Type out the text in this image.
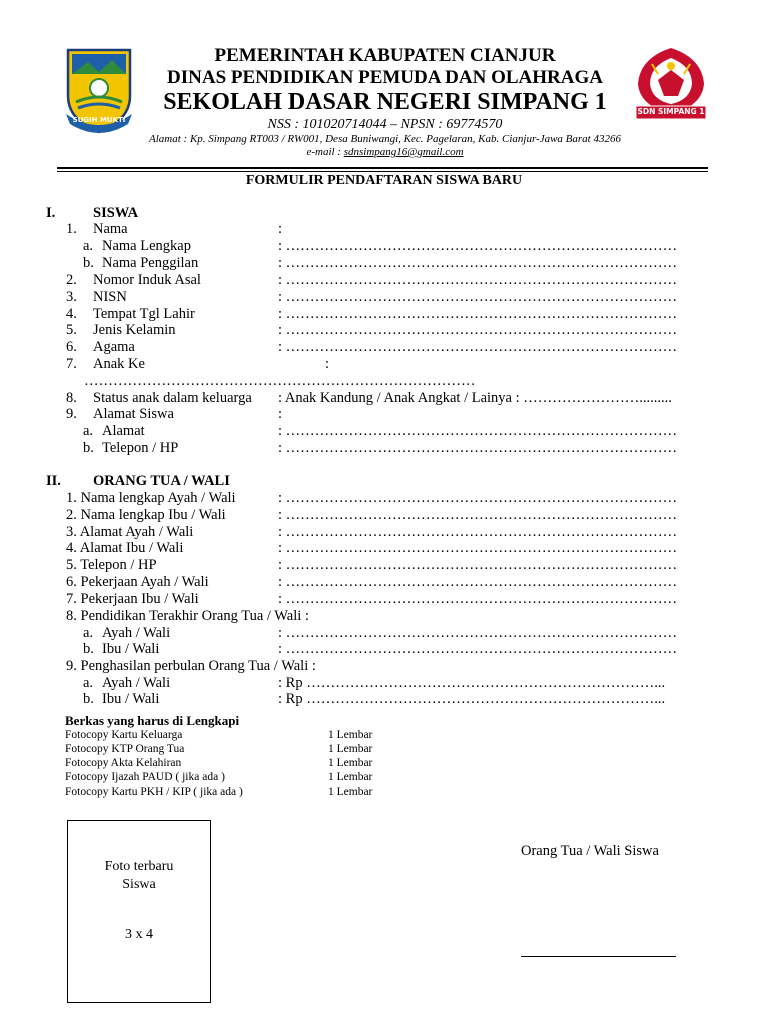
SUGIH MUKTI
SDN SIMPANG 1
PEMERINTAH KABUPATEN CIANJUR
DINAS PENDIDIKAN PEMUDA DAN OLAHRAGA
SEKOLAH DASAR NEGERI SIMPANG 1
NSS : 101020714044 – NPSN : 69774570
Alamat : Kp. Simpang RT003 / RW001, Desa Buniwangi, Kec. Pagelaran, Kab. Cianjur-Jawa Barat 43266
e-mail : sdnsimpang16@gmail.com
FORMULIR PENDAFTARAN SISWA BARU
I.	SISWA
1. Nama	:
a. Nama Lengkap	: ………………………………………………………………………
b. Nama Penggilan	: ………………………………………………………………………
2. Nomor Induk Asal	: ………………………………………………………………………
3. NISN	: ………………………………………………………………………
4. Tempat Tgl Lahir	: ………………………………………………………………………
5. Jenis Kelamin	: ………………………………………………………………………
6. Agama	: ………………………………………………………………………
7. Anak Ke	:
………………………………………………………………………
8. Status anak dalam keluarga : Anak Kandung / Anak Angkat / Lainya : …………………….........
9. Alamat Siswa	:
a. Alamat	: ………………………………………………………………………
b. Telepon / HP	: ………………………………………………………………………
II. ORANG TUA / WALI
1. Nama lengkap Ayah / Wali	: ………………………………………………………………………
2. Nama lengkap Ibu / Wali	: ………………………………………………………………………
3. Alamat Ayah / Wali	: ………………………………………………………………………
4. Alamat Ibu / Wali	: ………………………………………………………………………
5. Telepon / HP	: ………………………………………………………………………
6. Pekerjaan Ayah / Wali	: ………………………………………………………………………
7. Pekerjaan Ibu / Wali	: ………………………………………………………………………
8. Pendidikan Terakhir Orang Tua / Wali :
a. Ayah / Wali	: ………………………………………………………………………
b. Ibu / Wali	: ………………………………………………………………………
9. Penghasilan perbulan Orang Tua / Wali :
a. Ayah / Wali	: Rp ………………………………………………………………...
b. Ibu / Wali	: Rp ………………………………………………………………...
Berkas yang harus di Lengkapi
Fotocopy Kartu Keluarga	1 Lembar
Fotocopy KTP Orang Tua	1 Lembar
Fotocopy Akta Kelahiran	1 Lembar
Fotocopy Ijazah PAUD ( jika ada )	1 Lembar
Fotocopy Kartu PKH / KIP ( jika ada )	1 Lembar
Foto terbaru
Siswa
3 x 4
Orang Tua / Wali Siswa
